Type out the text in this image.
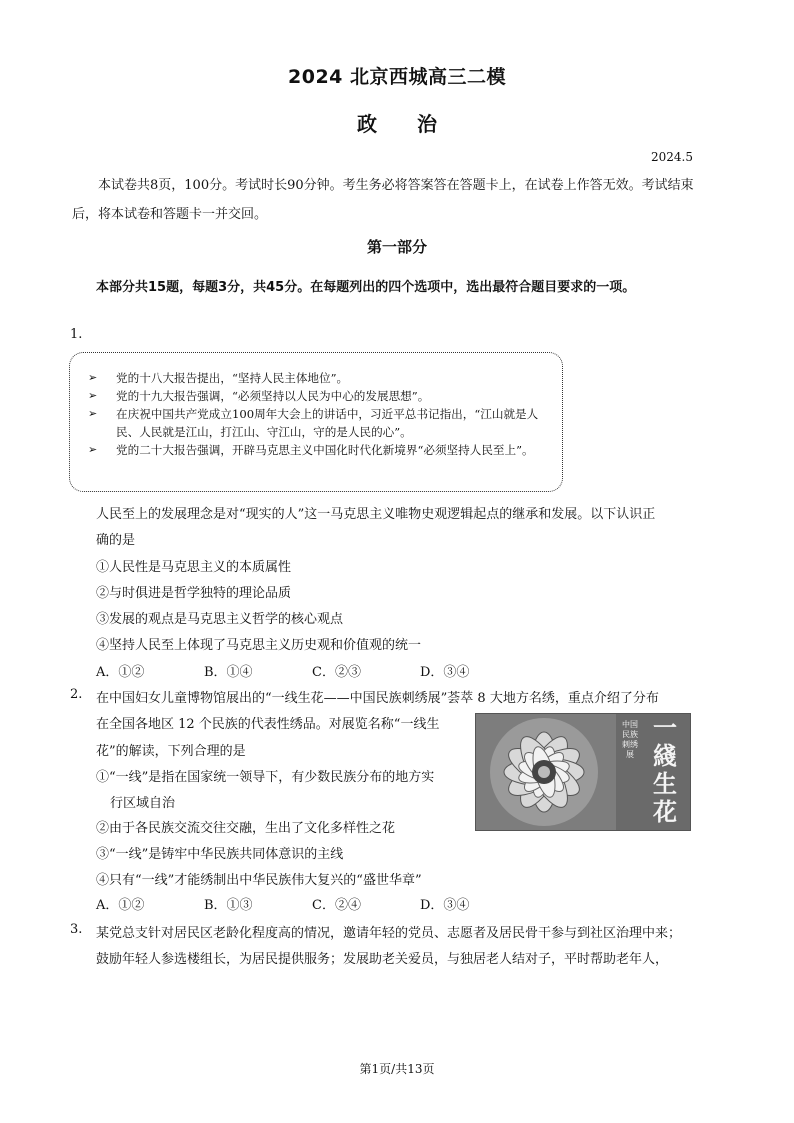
2024 北京西城高三二模
政 治
2024.5
本试卷共8页，100分。考试时长90分钟。考生务必将答案答在答题卡上，在试卷上作答无效。考试结束后，将本试卷和答题卡一并交回。
第一部分
本部分共15题，每题3分，共45分。在每题列出的四个选项中，选出最符合题目要求的一项。
1.
➢ 党的十八大报告提出，“坚持人民主体地位”。
➢ 党的十九大报告强调，“必须坚持以人民为中心的发展思想”。
➢ 在庆祝中国共产党成立100周年大会上的讲话中，习近平总书记指出，“江山就是人民、人民就是江山，打江山、守江山，守的是人民的心”。
➢ 党的二十大报告强调，开辟马克思主义中国化时代化新境界“必须坚持人民至上”。
人民至上的发展理念是对“现实的人”这一马克思主义唯物史观逻辑起点的继承和发展。以下认识正
确的是
①人民性是马克思主义的本质属性
②与时俱进是哲学独特的理论品质
③发展的观点是马克思主义哲学的核心观点
④坚持人民至上体现了马克思主义历史观和价值观的统一
A．①②	B．①④	C．②③	D．③④
2. 在中国妇女儿童博物馆展出的“一线生花——中国民族刺绣展”荟萃 8 大地方名绣，重点介绍了分布
在全国各地区 12 个民族的代表性绣品。对展览名称“一线生
花”的解读，下列合理的是
①“一线”是指在国家统一领导下，有少数民族分布的地方实
行区域自治
②由于各民族交流交往交融，生出了文化多样性之花
③“一线”是铸牢中华民族共同体意识的主线
④只有“一线”才能绣制出中华民族伟大复兴的“盛世华章”
A．①②	B．①③	C．②④	D．③④
中国民族刺绣展
一
綫
生
花
3. 某党总支针对居民区老龄化程度高的情况，邀请年轻的党员、志愿者及居民骨干参与到社区治理中来；
鼓励年轻人参选楼组长，为居民提供服务；发展助老关爱员，与独居老人结对子，平时帮助老年人，
第1页/共13页
